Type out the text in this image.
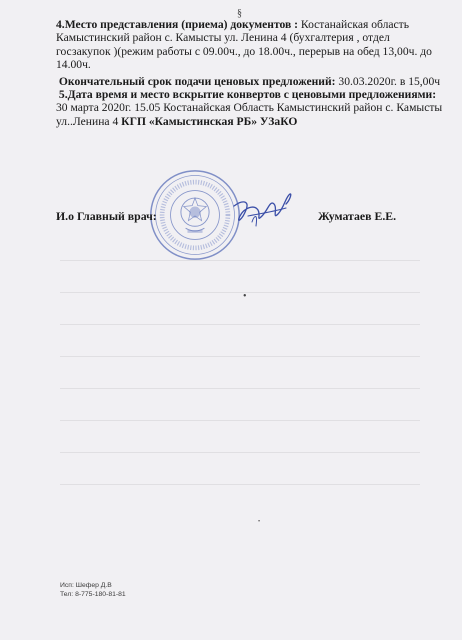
§

4.Место представления (приема) документов : Костанайская область Камыстинский район с. Камысты ул. Ленина 4 (бухгалтерия , отдел госзакупок )(режим работы с 09.00ч., до 18.00ч., перерыв на обед 13,00ч. до 14.00ч.

Окончательный срок подачи ценовых предложений: 30.03.2020г. в 15,00ч

5.Дата время и место вскрытие конвертов с ценовыми предложениями: 30 марта 2020г. 15.05 Костанайская Область Камыстинский район с. Камысты ул..Ленина 4 КГП «Камыстинская РБ» УЗаКО

И.о Главный врач:	Жуматаев Е.Е.
•
•
Исп: Шефер Д.В
Тел: 8-775-180-81-81
